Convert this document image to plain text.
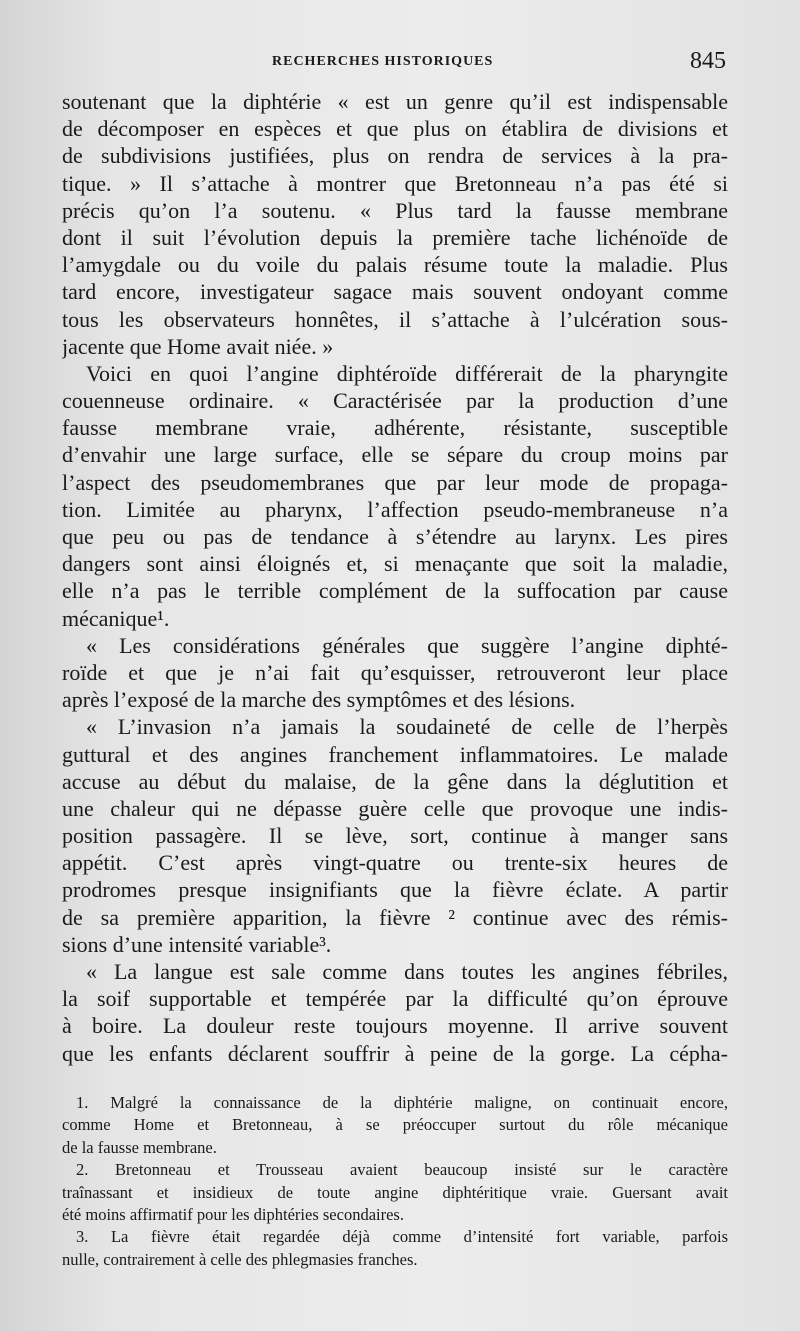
RECHERCHES HISTORIQUES	845
soutenant que la diphtérie « est un genre qu’il est indispensable
de décomposer en espèces et que plus on établira de divisions et
de subdivisions justifiées, plus on rendra de services à la pra-
tique. » Il s’attache à montrer que Bretonneau n’a pas été si
précis qu’on l’a soutenu. « Plus tard la fausse membrane
dont il suit l’évolution depuis la première tache lichénoïde de
l’amygdale ou du voile du palais résume toute la maladie. Plus
tard encore, investigateur sagace mais souvent ondoyant comme
tous les observateurs honnêtes, il s’attache à l’ulcération sous-
jacente que Home avait niée. »
Voici en quoi l’angine diphtéroïde différerait de la pharyngite
couenneuse ordinaire. « Caractérisée par la production d’une
fausse membrane vraie, adhérente, résistante, susceptible
d’envahir une large surface, elle se sépare du croup moins par
l’aspect des pseudomembranes que par leur mode de propaga-
tion. Limitée au pharynx, l’affection pseudo-membraneuse n’a
que peu ou pas de tendance à s’étendre au larynx. Les pires
dangers sont ainsi éloignés et, si menaçante que soit la maladie,
elle n’a pas le terrible complément de la suffocation par cause
mécanique¹.
« Les considérations générales que suggère l’angine diphté-
roïde et que je n’ai fait qu’esquisser, retrouveront leur place
après l’exposé de la marche des symptômes et des lésions.
« L’invasion n’a jamais la soudaineté de celle de l’herpès
guttural et des angines franchement inflammatoires. Le malade
accuse au début du malaise, de la gêne dans la déglutition et
une chaleur qui ne dépasse guère celle que provoque une indis-
position passagère. Il se lève, sort, continue à manger sans
appétit. C’est après vingt-quatre ou trente-six heures de
prodromes presque insignifiants que la fièvre éclate. A partir
de sa première apparition, la fièvre ² continue avec des rémis-
sions d’une intensité variable³.
« La langue est sale comme dans toutes les angines fébriles,
la soif supportable et tempérée par la difficulté qu’on éprouve
à boire. La douleur reste toujours moyenne. Il arrive souvent
que les enfants déclarent souffrir à peine de la gorge. La cépha-
1. Malgré la connaissance de la diphtérie maligne, on continuait encore,
comme Home et Bretonneau, à se préoccuper surtout du rôle mécanique
de la fausse membrane.
2. Bretonneau et Trousseau avaient beaucoup insisté sur le caractère
traînassant et insidieux de toute angine diphtéritique vraie. Guersant avait
été moins affirmatif pour les diphtéries secondaires.
3. La fièvre était regardée déjà comme d’intensité fort variable, parfois
nulle, contrairement à celle des phlegmasies franches.
